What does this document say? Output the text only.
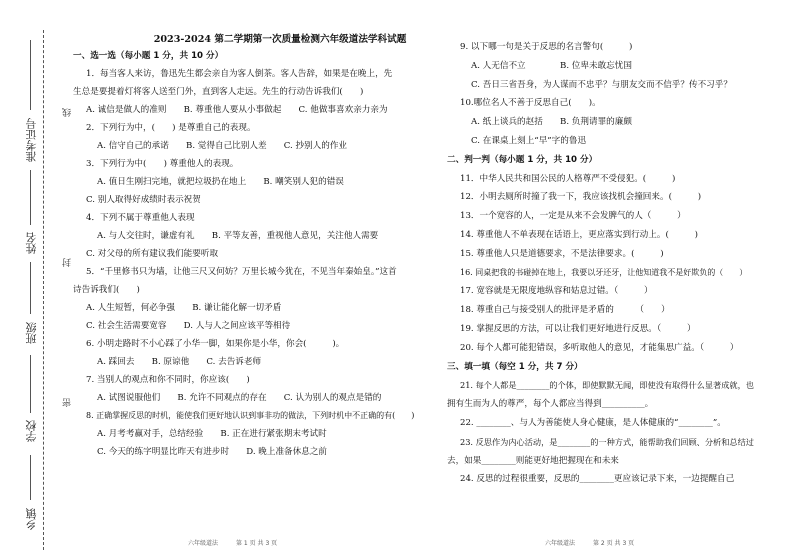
准考证号
姓名
班级
学校
乡镇
线
封
密
2023-2024 第二学期第一次质量检测六年级道法学科试题

一、选一选（每小题 1 分，共 10 分）

1．每当客人来访，鲁迅先生都会亲自为客人倒茶。客人告辞，如果是在晚上，先

生总是要提着灯将客人送至门外，直到客人走远。先生的行动告诉我们(　　)

A. 诚信是做人的准则　　B. 尊重他人要从小事做起　　C. 他做事喜欢亲力亲为

2．下列行为中，(　　) 是尊重自己的表现。

A. 信守自己的承诺　　B. 觉得自己比别人差　　C. 抄别人的作业

3．下列行为中(　　) 尊重他人的表现。

A. 值日生刚扫完地，就把垃圾扔在地上　　B. 嘲笑别人犯的错误

C. 别人取得好成绩时表示祝贺

4．下列不属于尊重他人表现

A. 与人交往时，谦虚有礼　　B. 平等友善，重视他人意见，关注他人需要

C. 对父母的所有建议我们能要听取

5．“千里修书只为墙，让他三尺又何妨？万里长城今犹在，不见当年秦始皇。”这首

诗告诉我们(　　)

A. 人生短暂，何必争强　　B. 谦让能化解一切矛盾

C. 社会生活需要宽容　　D. 人与人之间应该平等相待

6. 小明走路时不小心踩了小华一脚，如果你是小华，你会(　　　)。

A. 踩回去　　B. 原谅他　　C. 去告诉老师

7. 当别人的观点和你不同时，你应该(　　)

A. 试图说服他们　　B. 允许不同观点的存在　　C. 认为别人的观点是错的

8. 正确掌握反思的时机，能使我们更好地认识到事非功的做法，下列时机中不正确的有(　　)

A. 月考考赢对手，总结经验　　B. 正在进行紧张期末考试时

C. 今天的练字明显比昨天有进步时　　D. 晚上准备休息之前

9. 以下哪一句是关于反思的名言警句(　　　)

A. 人无信不立　　　　B. 位卑未敢忘忧国

C. 吾日三省吾身，为人谋而不忠乎？与朋友交而不信乎？传不习乎？

10.哪位名人不善于反思自己(　　)。

A. 纸上谈兵的赵括　　B. 负荆请罪的廉颇

C. 在课桌上刻上“早”字的鲁迅

二、判一判（每小题 1 分，共 10 分）

11．中华人民共和国公民的人格尊严不受侵犯。(　　　)

12．小明去厕所时撞了我一下，我应该找机会撞回来。(　　　)

13．一个宽容的人，一定是从来不会发脾气的人（　　　）

14. 尊重他人不单表现在话语上，更应落实到行动上。(　　　)

15. 尊重他人只是道德要求，不是法律要求。(　　　)

16. 同桌把我的书碰掉在地上，我要以牙还牙，让他知道我不是好欺负的（　　）

17. 宽容就是无限度地纵容和姑息过错。（　　　）

18. 尊重自己与接受别人的批评是矛盾的　　　（　　）

19. 掌握反思的方法，可以让我们更好地进行反思。（　　　）

20. 每个人都可能犯错误，多听取他人的意见，才能集思广益。（　　　）

三、填一填（每空 1 分，共 7 分）

21. 每个人都是________的个体，即使默默无闻，即使没有取得什么显著成就，也

拥有生而为人的尊严，每个人都应当得到__________。

22. ________、与人为善能使人身心健康，是人体健康的“________”。

23. 反思作为内心活动，是________的一种方式，能帮助我们回顾、分析和总结过

去，如果________则能更好地把握现在和未来

24. 反思的过程很重要，反思的________更应该记录下来，一边提醒自己

六年级道法　　　第 1 页 共 3 页	六年级道法　　　第 2 页 共 3 页
